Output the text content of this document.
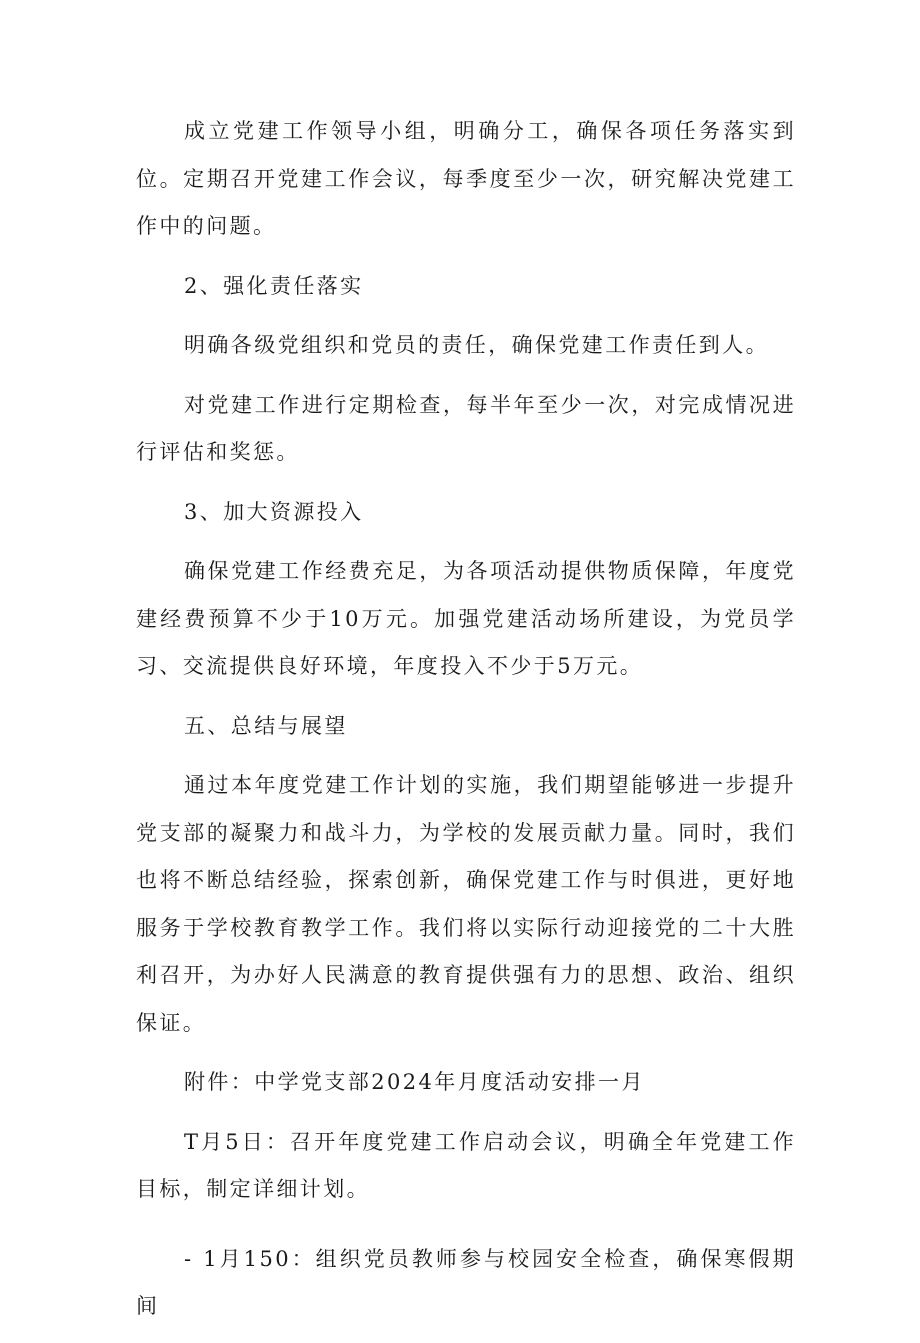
成立党建工作领导小组，明确分工，确保各项任务落实到位。定期召开党建工作会议，每季度至少一次，研究解决党建工作中的问题。

2、强化责任落实

明确各级党组织和党员的责任，确保党建工作责任到人。

对党建工作进行定期检查，每半年至少一次，对完成情况进行评估和奖惩。

3、加大资源投入

确保党建工作经费充足，为各项活动提供物质保障，年度党建经费预算不少于10万元。加强党建活动场所建设，为党员学习、交流提供良好环境，年度投入不少于5万元。

五、总结与展望

通过本年度党建工作计划的实施，我们期望能够进一步提升党支部的凝聚力和战斗力，为学校的发展贡献力量。同时，我们也将不断总结经验，探索创新，确保党建工作与时俱进，更好地服务于学校教育教学工作。我们将以实际行动迎接党的二十大胜利召开，为办好人民满意的教育提供强有力的思想、政治、组织保证。

附件：中学党支部2024年月度活动安排一月

T月5日：召开年度党建工作启动会议，明确全年党建工作目标，制定详细计划。

- 1月150：组织党员教师参与校园安全检查，确保寒假期间
